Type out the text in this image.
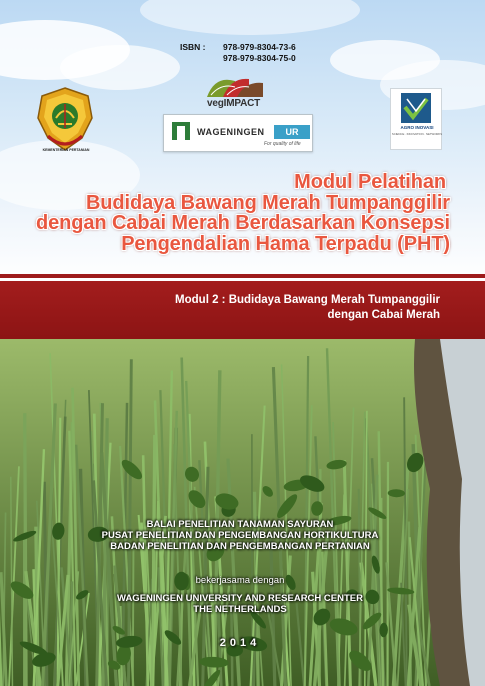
ISBN :	978-979-8304-73-6
978-979-8304-75-0
KEMENTERIAN PERTANIAN
vegIMPACT
WAGENINGEN	UR
For quality of life
AGRO INOVASI
SCIENCE . INNOVATION . NETWORKS
Modul Pelatihan
Budidaya Bawang Merah Tumpanggilir
dengan Cabai Merah Berdasarkan Konsepsi
Pengendalian Hama Terpadu (PHT)
Modul 2 : Budidaya Bawang Merah Tumpanggilir
dengan Cabai Merah
BALAI PENELITIAN TANAMAN SAYURAN
PUSAT PENELITIAN DAN PENGEMBANGAN HORTIKULTURA
BADAN PENELITIAN DAN PENGEMBANGAN PERTANIAN
bekerjasama dengan
WAGENINGEN UNIVERSITY AND RESEARCH CENTER
THE NETHERLANDS
2014
